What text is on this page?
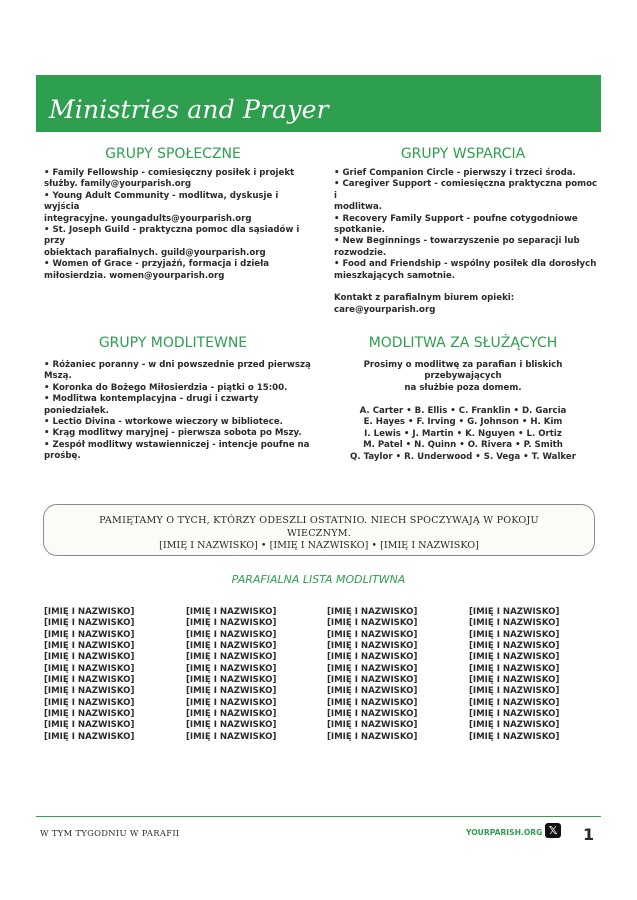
Ministries and Prayer
GRUPY SPOŁECZNE
• Family Fellowship - comiesięczny posiłek i projekt
służby. family@yourparish.org
• Young Adult Community - modlitwa, dyskusje i wyjścia
integracyjne. youngadults@yourparish.org
• St. Joseph Guild - praktyczna pomoc dla sąsiadów i
przy
obiektach parafialnych. guild@yourparish.org
• Women of Grace - przyjaźń, formacja i dzieła
miłosierdzia. women@yourparish.org
GRUPY WSPARCIA
• Grief Companion Circle - pierwszy i trzeci środa.
• Caregiver Support - comiesięczna praktyczna pomoc i
modlitwa.
• Recovery Family Support - poufne cotygodniowe
spotkanie.
• New Beginnings - towarzyszenie po separacji lub
rozwodzie.
• Food and Friendship - wspólny posiłek dla dorosłych
mieszkających samotnie.

Kontakt z parafialnym biurem opieki:
care@yourparish.org
GRUPY MODLITEWNE
• Różaniec poranny - w dni powszednie przed pierwszą
Mszą.
• Koronka do Bożego Miłosierdzia - piątki o 15:00.
• Modlitwa kontemplacyjna - drugi i czwarty
poniedziałek.
• Lectio Divina - wtorkowe wieczory w bibliotece.
• Krąg modlitwy maryjnej - pierwsza sobota po Mszy.
• Zespół modlitwy wstawienniczej - intencje poufne na
prośbę.
MODLITWA ZA SŁUŻĄCYCH
Prosimy o modlitwę za parafian i bliskich
przebywających
na służbie poza domem.
A. Carter • B. Ellis • C. Franklin • D. Garcia
E. Hayes • F. Irving • G. Johnson • H. Kim
I. Lewis • J. Martin • K. Nguyen • L. Ortiz
M. Patel • N. Quinn • O. Rivera • P. Smith
Q. Taylor • R. Underwood • S. Vega • T. Walker
PAMIĘTAMY O TYCH, KTÓRZY ODESZLI OSTATNIO. NIECH SPOCZYWAJĄ W POKOJU WIECZNYM.
[IMIĘ I NAZWISKO] • [IMIĘ I NAZWISKO] • [IMIĘ I NAZWISKO]
PARAFIALNA LISTA MODLITWNA
[IMIĘ I NAZWISKO]
[IMIĘ I NAZWISKO]
[IMIĘ I NAZWISKO]
[IMIĘ I NAZWISKO]
[IMIĘ I NAZWISKO]
[IMIĘ I NAZWISKO]
[IMIĘ I NAZWISKO]
[IMIĘ I NAZWISKO]
[IMIĘ I NAZWISKO]
[IMIĘ I NAZWISKO]
[IMIĘ I NAZWISKO]
[IMIĘ I NAZWISKO]
[IMIĘ I NAZWISKO]
[IMIĘ I NAZWISKO]
[IMIĘ I NAZWISKO]
[IMIĘ I NAZWISKO]
[IMIĘ I NAZWISKO]
[IMIĘ I NAZWISKO]
[IMIĘ I NAZWISKO]
[IMIĘ I NAZWISKO]
[IMIĘ I NAZWISKO]
[IMIĘ I NAZWISKO]
[IMIĘ I NAZWISKO]
[IMIĘ I NAZWISKO]
[IMIĘ I NAZWISKO]
[IMIĘ I NAZWISKO]
[IMIĘ I NAZWISKO]
[IMIĘ I NAZWISKO]
[IMIĘ I NAZWISKO]
[IMIĘ I NAZWISKO]
[IMIĘ I NAZWISKO]
[IMIĘ I NAZWISKO]
[IMIĘ I NAZWISKO]
[IMIĘ I NAZWISKO]
[IMIĘ I NAZWISKO]
[IMIĘ I NAZWISKO]
[IMIĘ I NAZWISKO]
[IMIĘ I NAZWISKO]
[IMIĘ I NAZWISKO]
[IMIĘ I NAZWISKO]
[IMIĘ I NAZWISKO]
[IMIĘ I NAZWISKO]
[IMIĘ I NAZWISKO]
[IMIĘ I NAZWISKO]
[IMIĘ I NAZWISKO]
[IMIĘ I NAZWISKO]
[IMIĘ I NAZWISKO]
[IMIĘ I NAZWISKO]
W TYM TYGODNIU W PARAFII	YOURPARISH.ORG 𝕏 1
